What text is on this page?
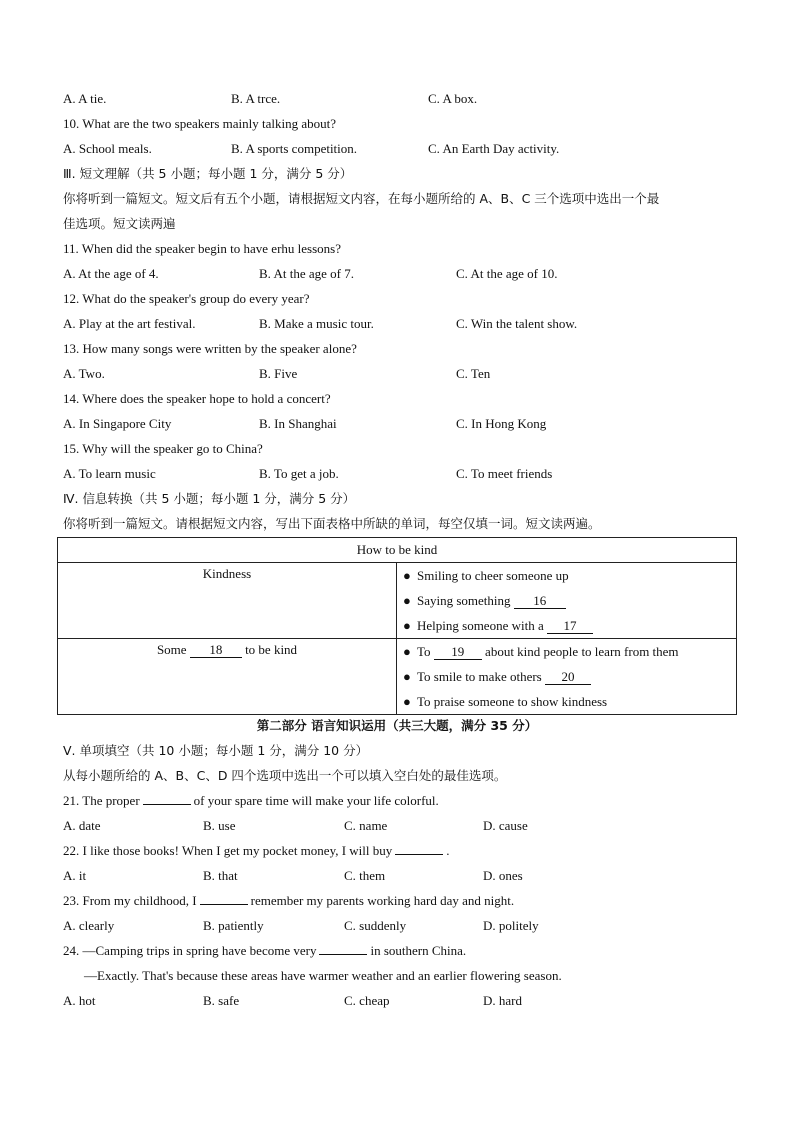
A. A tie.	B. A trce.	C. A box.
10. What are the two speakers mainly talking about?
A. School meals.	B. A sports competition.	C. An Earth Day activity.
Ⅲ. 短文理解（共 5 小题；每小题 1 分，满分 5 分）
你将听到一篇短文。短文后有五个小题，请根据短文内容，在每小题所给的 A、B、C 三个选项中选出一个最
佳选项。短文读两遍
11. When did the speaker begin to have erhu lessons?
A. At the age of 4.	B. At the age of 7.	C. At the age of 10.
12. What do the speaker's group do every year?
A. Play at the art festival.	B. Make a music tour.	C. Win the talent show.
13. How many songs were written by the speaker alone?
A. Two.	B. Five	C. Ten
14. Where does the speaker hope to hold a concert?
A. In Singapore City	B. In Shanghai	C. In Hong Kong
15. Why will the speaker go to China?
A. To learn music	B. To get a job.	C. To meet friends
Ⅳ. 信息转换（共 5 小题；每小题 1 分，满分 5 分）
你将听到一篇短文。请根据短文内容，写出下面表格中所缺的单词，每空仅填一词。短文读两遍。
How to be kind	
Kindness	● Smiling to cheer someone up
● Saying something 16
● Helping someone with a 17

Some 18 to be kind	● To 19 about kind people to learn from them
● To smile to make others 20
● To praise someone to show kindness
第二部分 语言知识运用（共三大题，满分 35 分）
Ⅴ. 单项填空（共 10 小题；每小题 1 分，满分 10 分）
从每小题所给的 A、B、C、D 四个选项中选出一个可以填入空白处的最佳选项。
21. The proper	of your spare time will make your life colorful.
A. date	B. use	C. name	D. cause
22. I like those books! When I get my pocket money, I will buy	.
A. it	B. that	C. them	D. ones
23. From my childhood, I	remember my parents working hard day and night.
A. clearly	B. patiently	C. suddenly	D. politely
24. —Camping trips in spring have become very	in southern China.
—Exactly. That's because these areas have warmer weather and an earlier flowering season.
A. hot	B. safe	C. cheap	D. hard
